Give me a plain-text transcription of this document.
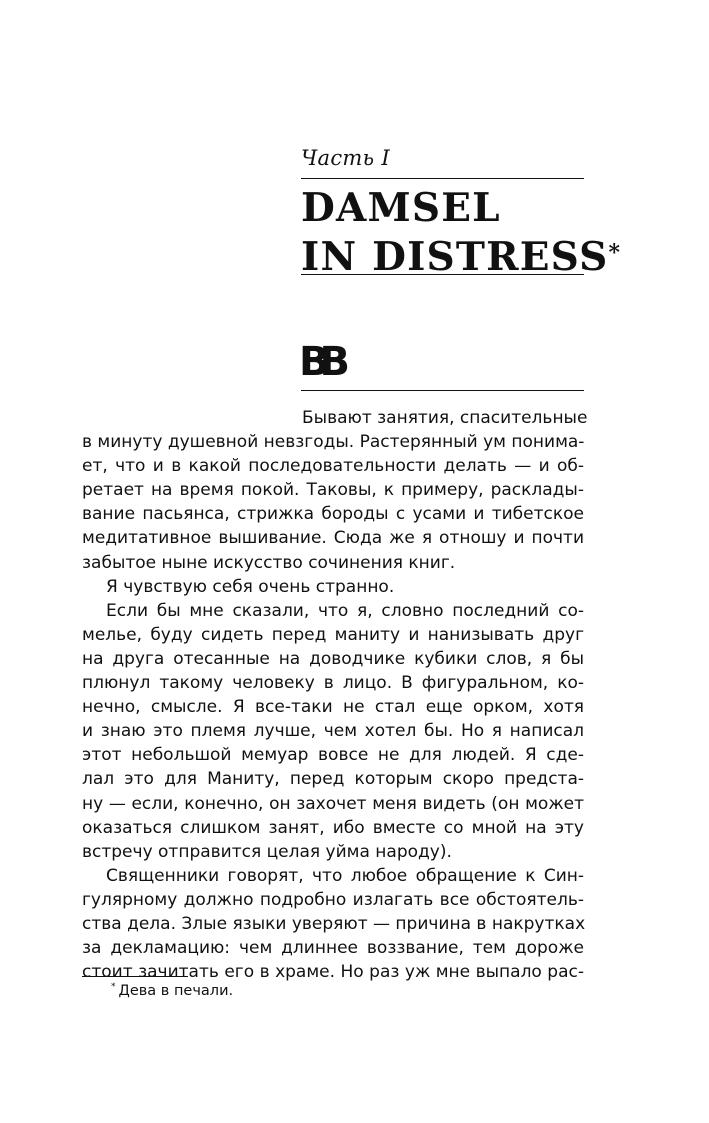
Часть I
DAMSEL
IN DISTRESS*
ВВ
Бывают занятия, спасительные
в минуту душевной невзгоды. Растерянный ум понима-
ет, что и в какой последовательности делать — и об-
ретает на время покой. Таковы, к примеру, расклады-
вание пасьянса, стрижка бороды с усами и тибетское
медитативное вышивание. Сюда же я отношу и почти
забытое ныне искусство сочинения книг.
Я чувствую себя очень странно.
Если бы мне сказали, что я, словно последний со-
мелье, буду сидеть перед маниту и нанизывать друг
на друга отесанные на доводчике кубики слов, я бы
плюнул такому человеку в лицо. В фигуральном, ко-
нечно, смысле. Я все-таки не стал еще орком, хотя
и знаю это племя лучше, чем хотел бы. Но я написал
этот небольшой мемуар вовсе не для людей. Я сде-
лал это для Маниту, перед которым скоро предста-
ну — если, конечно, он захочет меня видеть (он может
оказаться слишком занят, ибо вместе со мной на эту
встречу отправится целая уйма народу).
Священники говорят, что любое обращение к Син-
гулярному должно подробно излагать все обстоятель-
ства дела. Злые языки уверяют — причина в накрутках
за декламацию: чем длиннее воззвание, тем дороже
стоит зачитать его в храме. Но раз уж мне выпало рас-
* Дева в печали.
